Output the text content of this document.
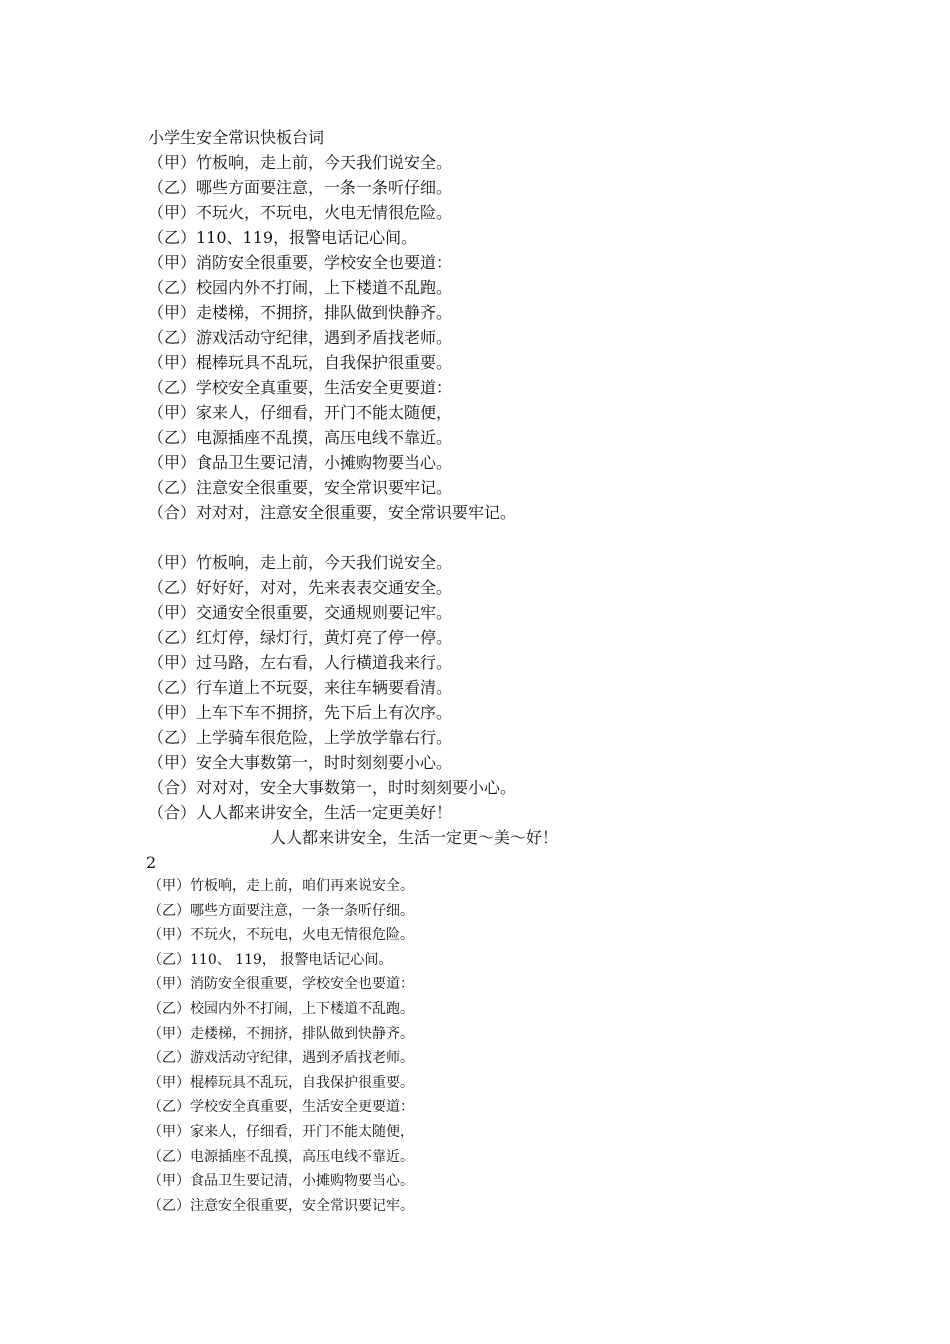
小学生安全常识快板台词
（甲）竹板响，走上前，今天我们说安全。
（乙）哪些方面要注意，一条一条听仔细。
（甲）不玩火，不玩电，火电无情很危险。
（乙）110、119，报警电话记心间。
（甲）消防安全很重要，学校安全也要道：
（乙）校园内外不打闹，上下楼道不乱跑。
（甲）走楼梯，不拥挤，排队做到快静齐。
（乙）游戏活动守纪律，遇到矛盾找老师。
（甲）棍棒玩具不乱玩，自我保护很重要。
（乙）学校安全真重要，生活安全更要道：
（甲）家来人，仔细看，开门不能太随便，
（乙）电源插座不乱摸，高压电线不靠近。
（甲）食品卫生要记清，小摊购物要当心。
（乙）注意安全很重要，安全常识要牢记。
（合）对对对，注意安全很重要，安全常识要牢记。
（甲）竹板响，走上前，今天我们说安全。
（乙）好好好，对对，先来表表交通安全。
（甲）交通安全很重要，交通规则要记牢。
（乙）红灯停，绿灯行，黄灯亮了停一停。
（甲）过马路，左右看，人行横道我来行。
（乙）行车道上不玩耍，来往车辆要看清。
（甲）上车下车不拥挤，先下后上有次序。
（乙）上学骑车很危险，上学放学靠右行。
（甲）安全大事数第一，时时刻刻要小心。
（合）对对对，安全大事数第一，时时刻刻要小心。
（合）人人都来讲安全，生活一定更美好！
人人都来讲安全，生活一定更～美～好！
2
（甲）竹板响，走上前，咱们再来说安全。
（乙）哪些方面要注意，一条一条听仔细。
（甲）不玩火，不玩电，火电无情很危险。
（乙）110、 119， 报警电话记心间。
（甲）消防安全很重要，学校安全也要道：
（乙）校园内外不打闹，上下楼道不乱跑。
（甲）走楼梯，不拥挤，排队做到快静齐。
（乙）游戏活动守纪律，遇到矛盾找老师。
（甲）棍棒玩具不乱玩，自我保护很重要。
（乙）学校安全真重要，生活安全更要道：
（甲）家来人，仔细看，开门不能太随便，
（乙）电源插座不乱摸，高压电线不靠近。
（甲）食品卫生要记清，小摊购物要当心。
（乙）注意安全很重要，安全常识要记牢。
